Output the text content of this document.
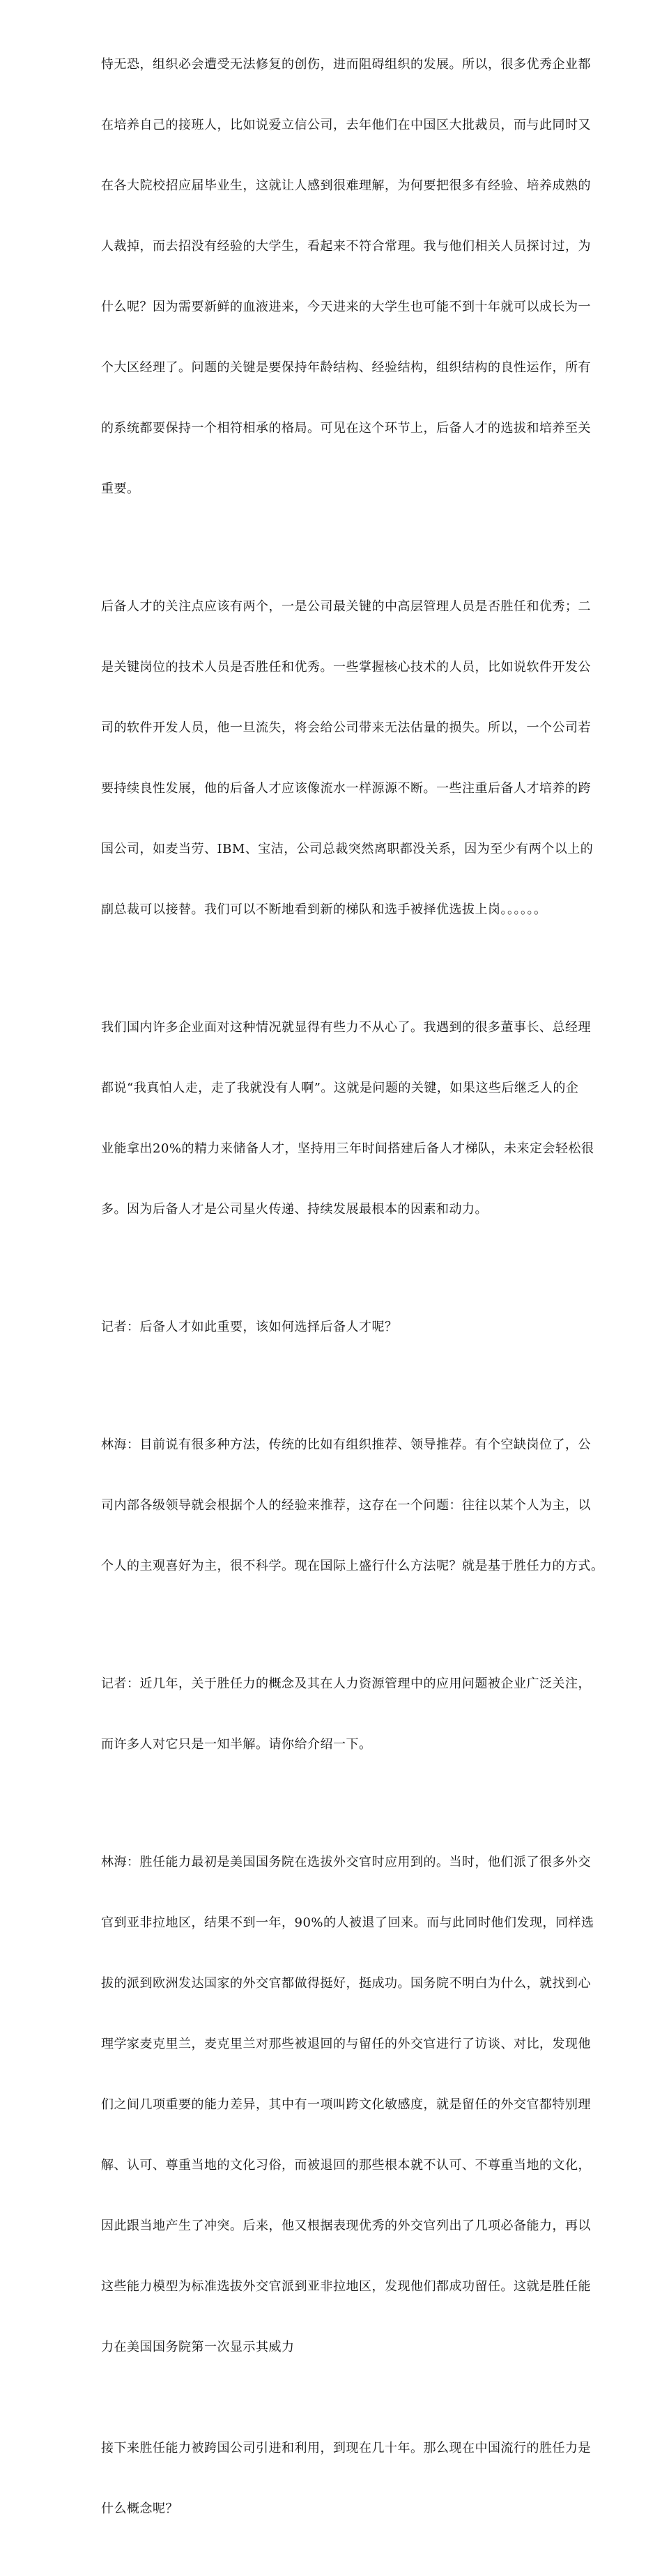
恃无恐，组织必会遭受无法修复的创伤，进而阻碍组织的发展。所以，很多优秀企业都

在培养自己的接班人，比如说爱立信公司，去年他们在中国区大批裁员，而与此同时又

在各大院校招应届毕业生，这就让人感到很难理解，为何要把很多有经验、培养成熟的

人裁掉，而去招没有经验的大学生，看起来不符合常理。我与他们相关人员探讨过，为

什么呢？因为需要新鲜的血液进来，今天进来的大学生也可能不到十年就可以成长为一

个大区经理了。问题的关键是要保持年龄结构、经验结构，组织结构的良性运作，所有

的系统都要保持一个相符相承的格局。可见在这个环节上，后备人才的选拔和培养至关

重要。

后备人才的关注点应该有两个，一是公司最关键的中高层管理人员是否胜任和优秀；二

是关键岗位的技术人员是否胜任和优秀。一些掌握核心技术的人员，比如说软件开发公

司的软件开发人员，他一旦流失，将会给公司带来无法估量的损失。所以，一个公司若

要持续良性发展，他的后备人才应该像流水一样源源不断。一些注重后备人才培养的跨

国公司，如麦当劳、IBM、宝洁，公司总裁突然离职都没关系，因为至少有两个以上的

副总裁可以接替。我们可以不断地看到新的梯队和选手被择优选拔上岗。。。。。。

我们国内许多企业面对这种情况就显得有些力不从心了。我遇到的很多董事长、总经理

都说“我真怕人走，走了我就没有人啊”。这就是问题的关键，如果这些后继乏人的企

业能拿出20%的精力来储备人才，坚持用三年时间搭建后备人才梯队，未来定会轻松很

多。因为后备人才是公司星火传递、持续发展最根本的因素和动力。

记者：后备人才如此重要，该如何选择后备人才呢？

林海：目前说有很多种方法，传统的比如有组织推荐、领导推荐。有个空缺岗位了，公

司内部各级领导就会根据个人的经验来推荐，这存在一个问题：往往以某个人为主，以

个人的主观喜好为主，很不科学。现在国际上盛行什么方法呢？就是基于胜任力的方式。

记者：近几年，关于胜任力的概念及其在人力资源管理中的应用问题被企业广泛关注，

而许多人对它只是一知半解。请你给介绍一下。

林海：胜任能力最初是美国国务院在选拔外交官时应用到的。当时，他们派了很多外交

官到亚非拉地区，结果不到一年，90%的人被退了回来。而与此同时他们发现，同样选

拔的派到欧洲发达国家的外交官都做得挺好，挺成功。国务院不明白为什么，就找到心

理学家麦克里兰，麦克里兰对那些被退回的与留任的外交官进行了访谈、对比，发现他

们之间几项重要的能力差异，其中有一项叫跨文化敏感度，就是留任的外交官都特别理

解、认可、尊重当地的文化习俗，而被退回的那些根本就不认可、不尊重当地的文化，

因此跟当地产生了冲突。后来，他又根据表现优秀的外交官列出了几项必备能力，再以

这些能力模型为标准选拔外交官派到亚非拉地区，发现他们都成功留任。这就是胜任能

力在美国国务院第一次显示其威力

接下来胜任能力被跨国公司引进和利用，到现在几十年。那么现在中国流行的胜任力是

什么概念呢？
